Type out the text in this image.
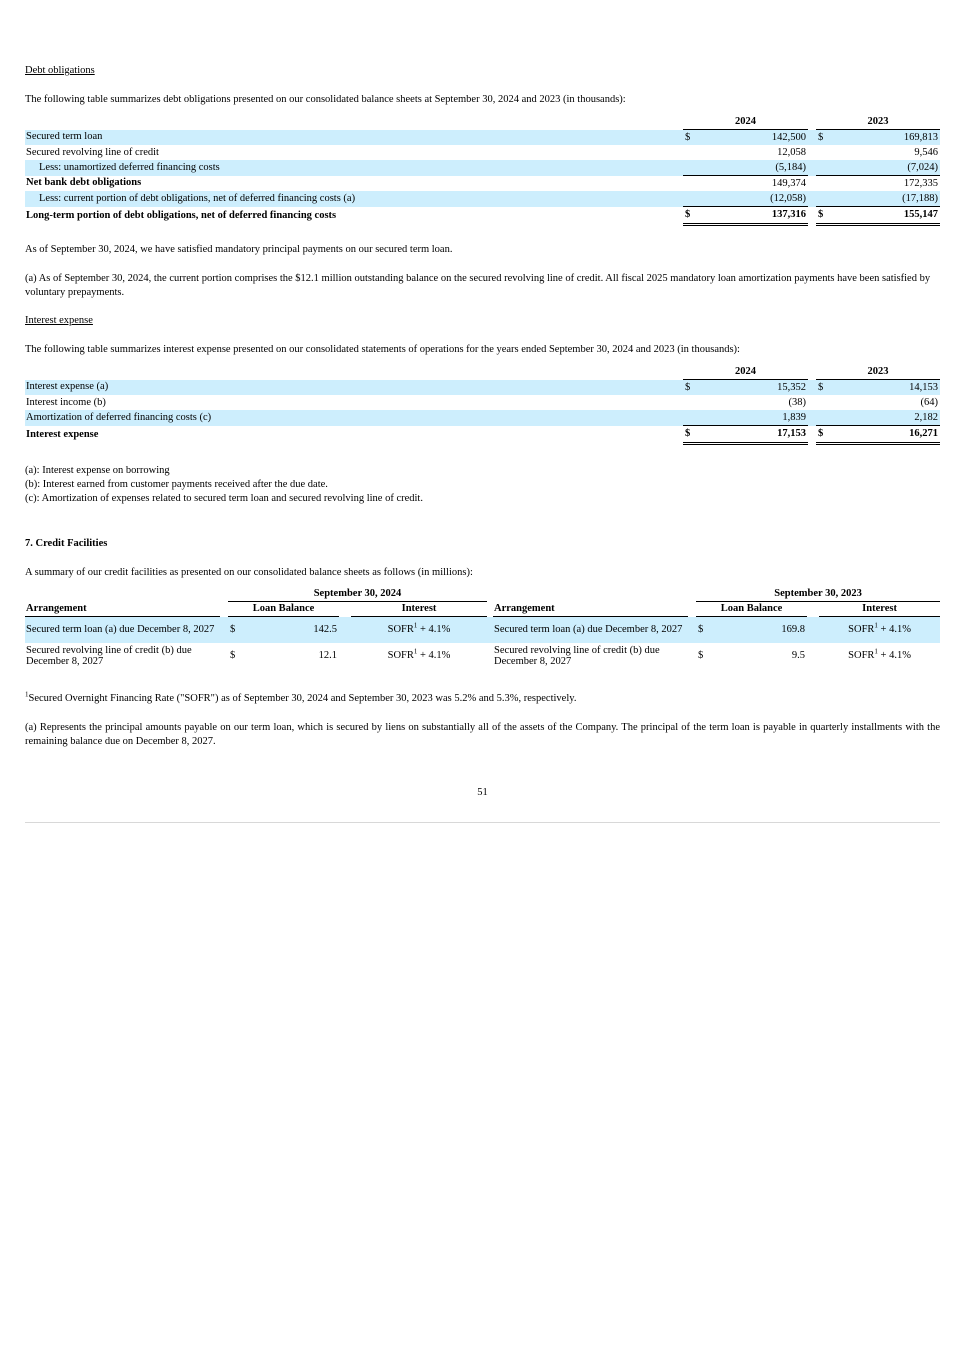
Debt obligations

The following table summarizes debt obligations presented on our consolidated balance sheets at September 30, 2024 and 2023 (in thousands):

	2024			2023	
Secured term loan	$	142,500		$	169,813
Secured revolving line of credit		12,058			9,546
Less: unamortized deferred financing costs		(5,184)			(7,024)
Net bank debt obligations		149,374			172,335
Less: current portion of debt obligations, net of deferred financing costs (a)		(12,058)			(17,188)
Long-term portion of debt obligations, net of deferred financing costs	$	137,316		$	155,147

As of September 30, 2024, we have satisfied mandatory principal payments on our secured term loan.

(a) As of September 30, 2024, the current portion comprises the $12.1 million outstanding balance on the secured revolving line of credit. All fiscal 2025 mandatory loan amortization payments have been satisfied by voluntary prepayments.

Interest expense

The following table summarizes interest expense presented on our consolidated statements of operations for the years ended September 30, 2024 and 2023 (in thousands):

	2024			2023	
Interest expense (a)	$	15,352		$	14,153
Interest income (b)		(38)			(64)
Amortization of deferred financing costs (c)		1,839			2,182
Interest expense	$	17,153		$	16,271

(a): Interest expense on borrowing

(b): Interest earned from customer payments received after the due date.

(c): Amortization of expenses related to secured term loan and secured revolving line of credit.

7. Credit Facilities

A summary of our credit facilities as presented on our consolidated balance sheets as follows (in millions):

		September 30, 2024							September 30, 2023			
Arrangement		Loan Balance			Interest		Arrangement		Loan Balance			Interest
Secured term loan (a) due December 8, 2027		$	142.5		$SOFR^1 + 4.1\%$		Secured term loan (a) due December 8, 2027		$	169.8		$SOFR^1 + 4.1\%$
Secured revolving line of credit (b) due December 8, 2027		$	12.1		$SOFR^1 + 4.1\%$		Secured revolving line of credit (b) due December 8, 2027		$	9.5		$SOFR^1 + 4.1\%$

$^1$Secured Overnight Financing Rate ("SOFR") as of September 30, 2024 and September 30, 2023 was 5.2% and 5.3%, respectively.

(a) Represents the principal amounts payable on our term loan, which is secured by liens on substantially all of the assets of the Company. The principal of the term loan is payable in quarterly installments with the remaining balance due on December 8, 2027.

51
